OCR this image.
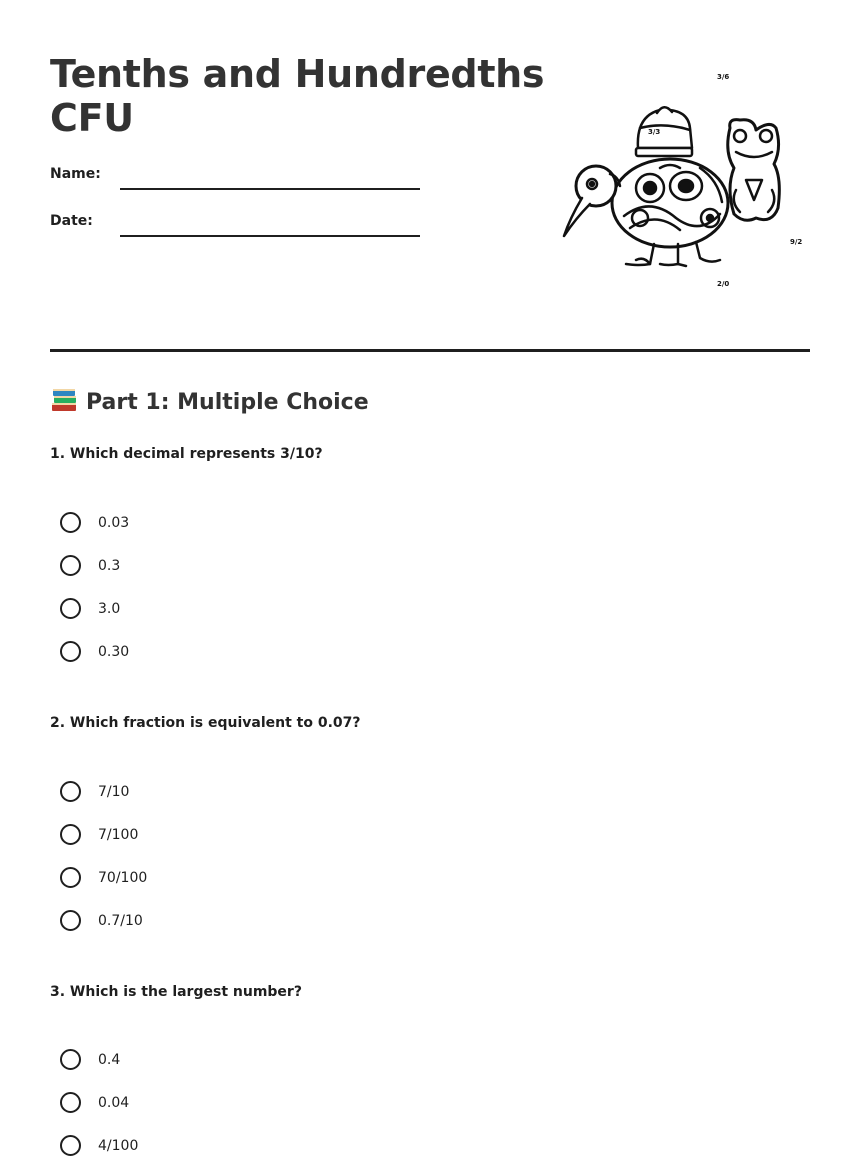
Tenths and Hundredths CFU
Name:
Date:
3/6
3/3
9/2
2/0
Part 1: Multiple Choice

1. Which decimal represents 3/10?

0.03
0.3
3.0
0.30

2. Which fraction is equivalent to 0.07?

7/10
7/100
70/100
0.7/10

3. Which is the largest number?

0.4
0.04
4/100
